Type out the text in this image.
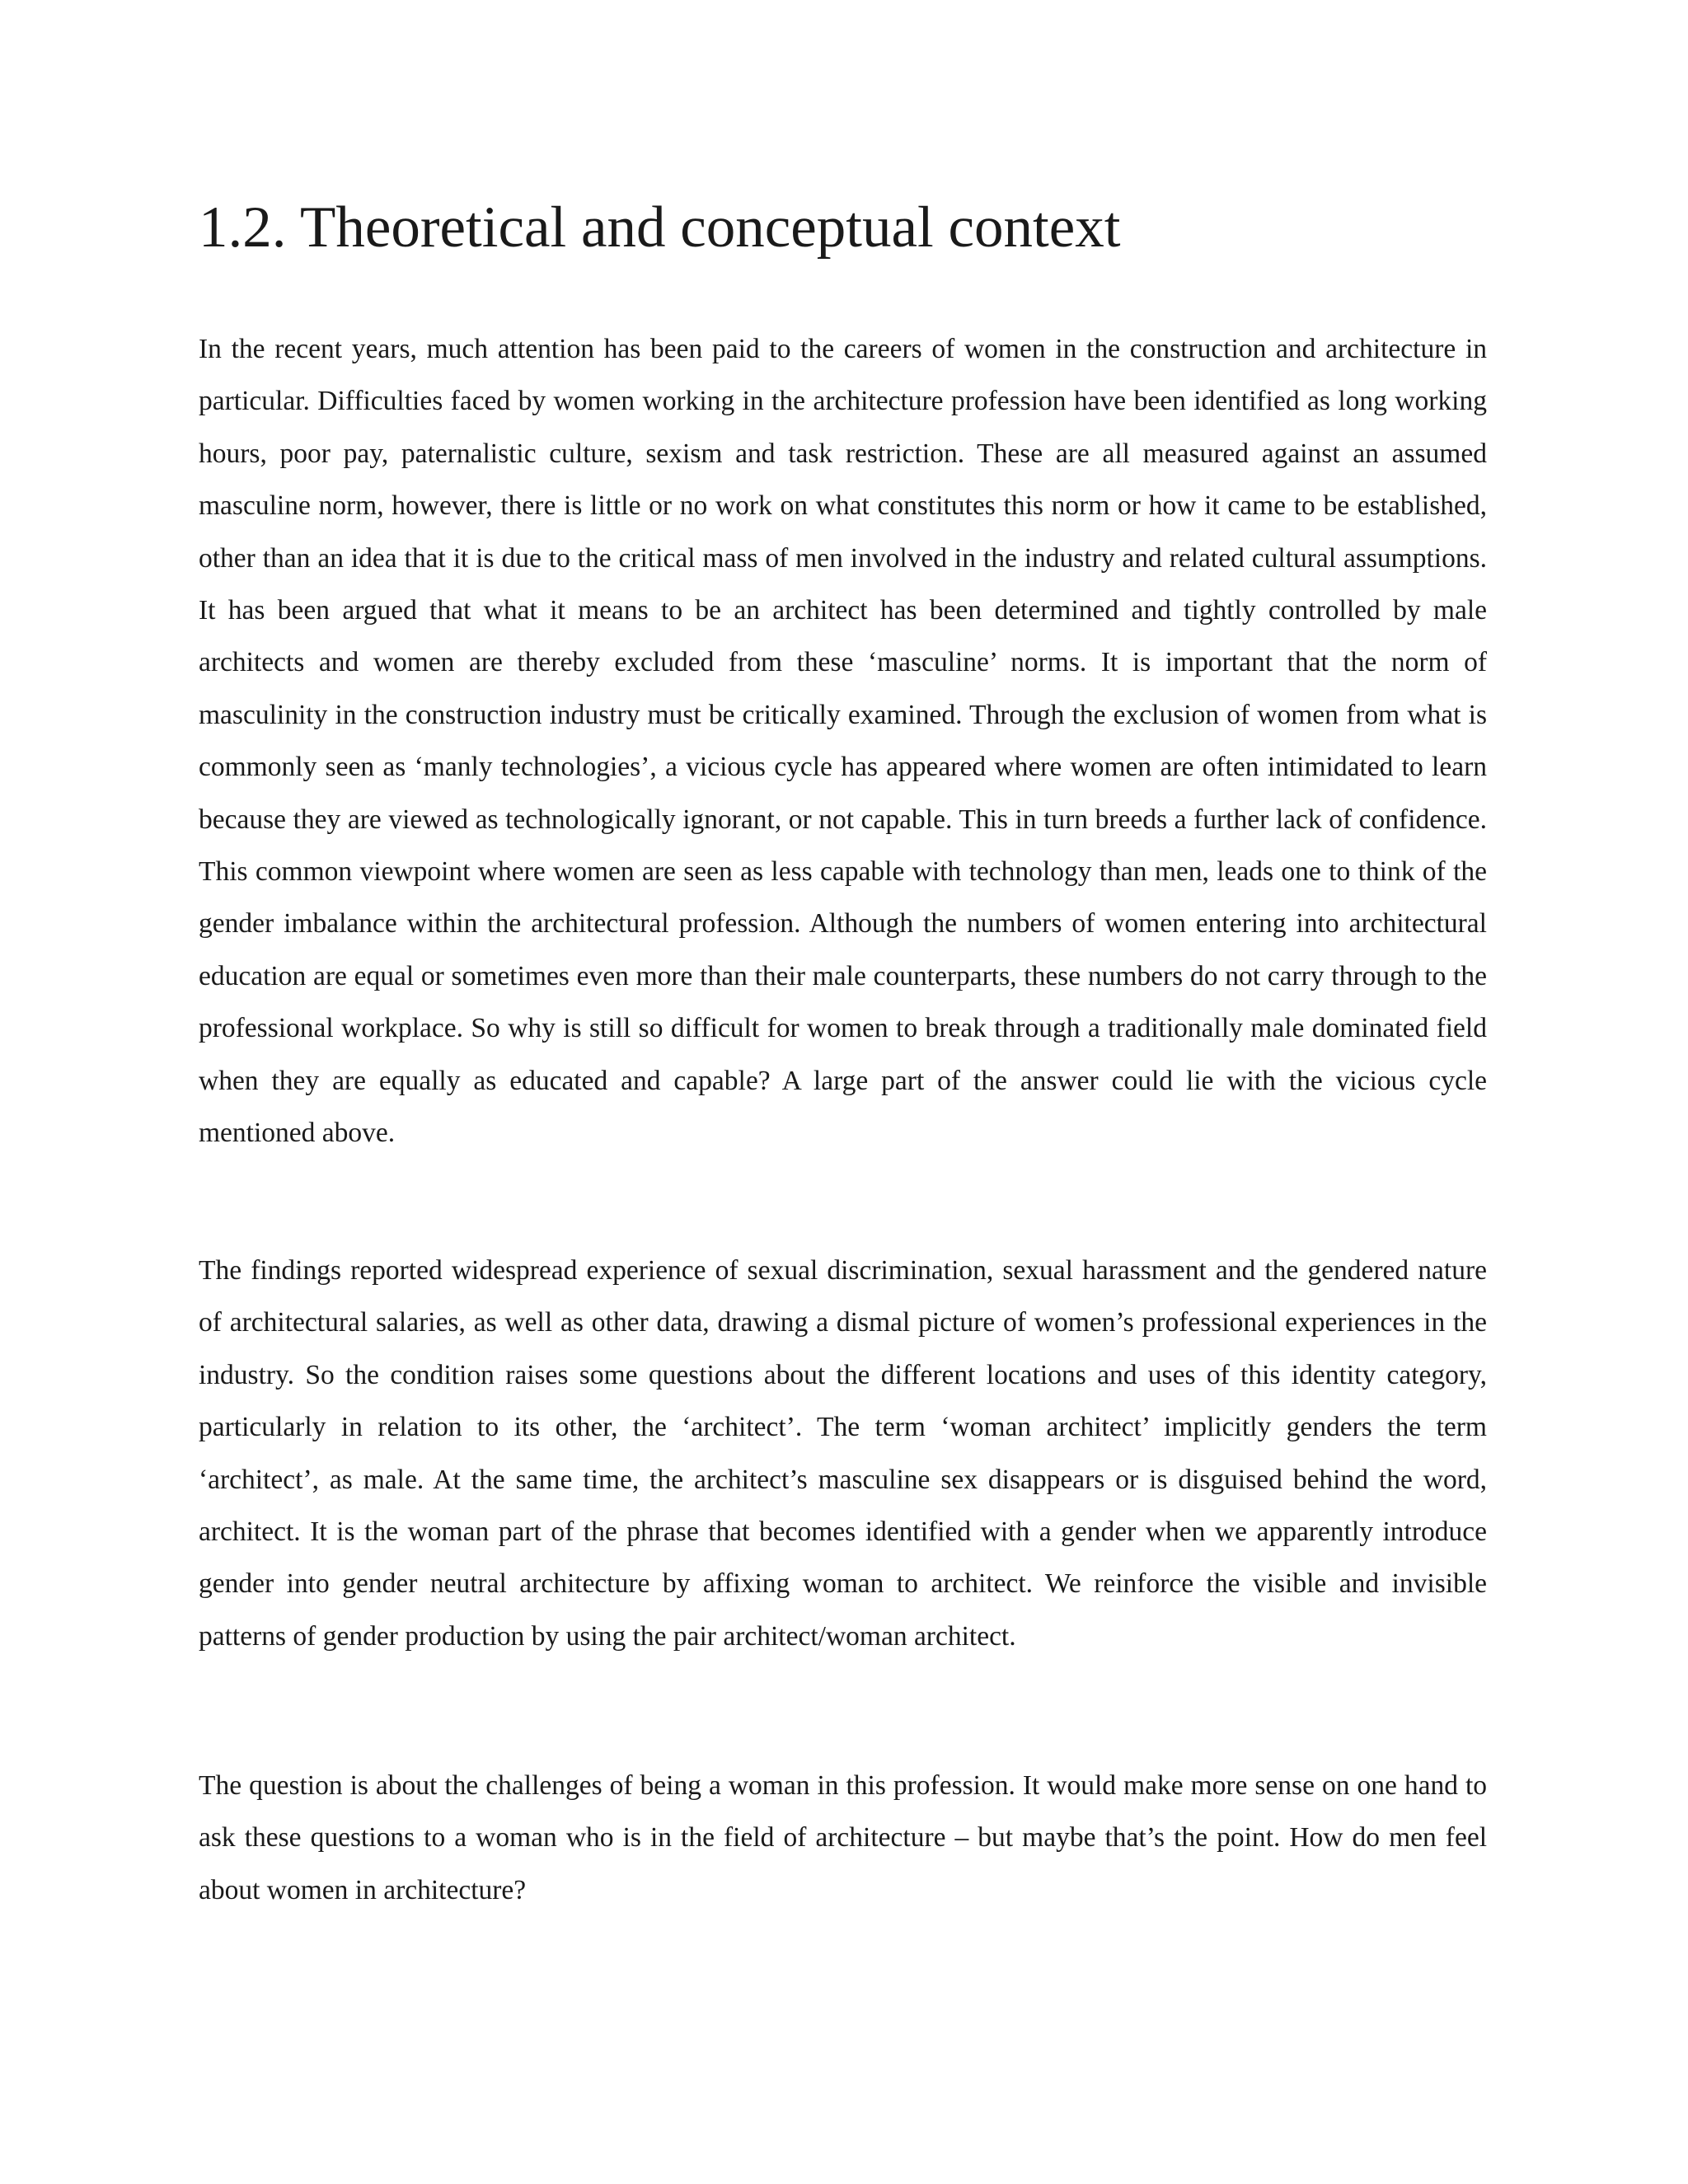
1.2. Theoretical and conceptual context

In the recent years, much attention has been paid to the careers of women in the construction and architecture in particular. Difficulties faced by women working in the architecture profession have been identified as long working hours, poor pay, paternalistic culture, sexism and task restriction. These are all measured against an assumed masculine norm, however, there is little or no work on what constitutes this norm or how it came to be established, other than an idea that it is due to the critical mass of men involved in the industry and related cultural assumptions. It has been argued that what it means to be an architect has been determined and tightly controlled by male architects and women are thereby excluded from these ‘masculine’ norms. It is important that the norm of masculinity in the construction industry must be critically examined. Through the exclusion of women from what is commonly seen as ‘manly technologies’, a vicious cycle has appeared where women are often intimidated to learn because they are viewed as technologically ignorant, or not capable. This in turn breeds a further lack of confidence. This common viewpoint where women are seen as less capable with technology than men, leads one to think of the gender imbalance within the architectural profession. Although the numbers of women entering into architectural education are equal or sometimes even more than their male counterparts, these numbers do not carry through to the professional workplace. So why is still so difficult for women to break through a traditionally male dominated field when they are equally as educated and capable? A large part of the answer could lie with the vicious cycle mentioned above.

The findings reported widespread experience of sexual discrimination, sexual harassment and the gendered nature of architectural salaries, as well as other data, drawing a dismal picture of women’s professional experiences in the industry. So the condition raises some questions about the different locations and uses of this identity category, particularly in relation to its other, the ‘architect’. The term ‘woman architect’ implicitly genders the term ‘architect’, as male. At the same time, the architect’s masculine sex disappears or is disguised behind the word, architect. It is the woman part of the phrase that becomes identified with a gender when we apparently introduce gender into gender neutral architecture by affixing woman to architect. We reinforce the visible and invisible patterns of gender production by using the pair architect/woman architect.

The question is about the challenges of being a woman in this profession. It would make more sense on one hand to ask these questions to a woman who is in the field of architecture – but maybe that’s the point. How do men feel about women in architecture?
